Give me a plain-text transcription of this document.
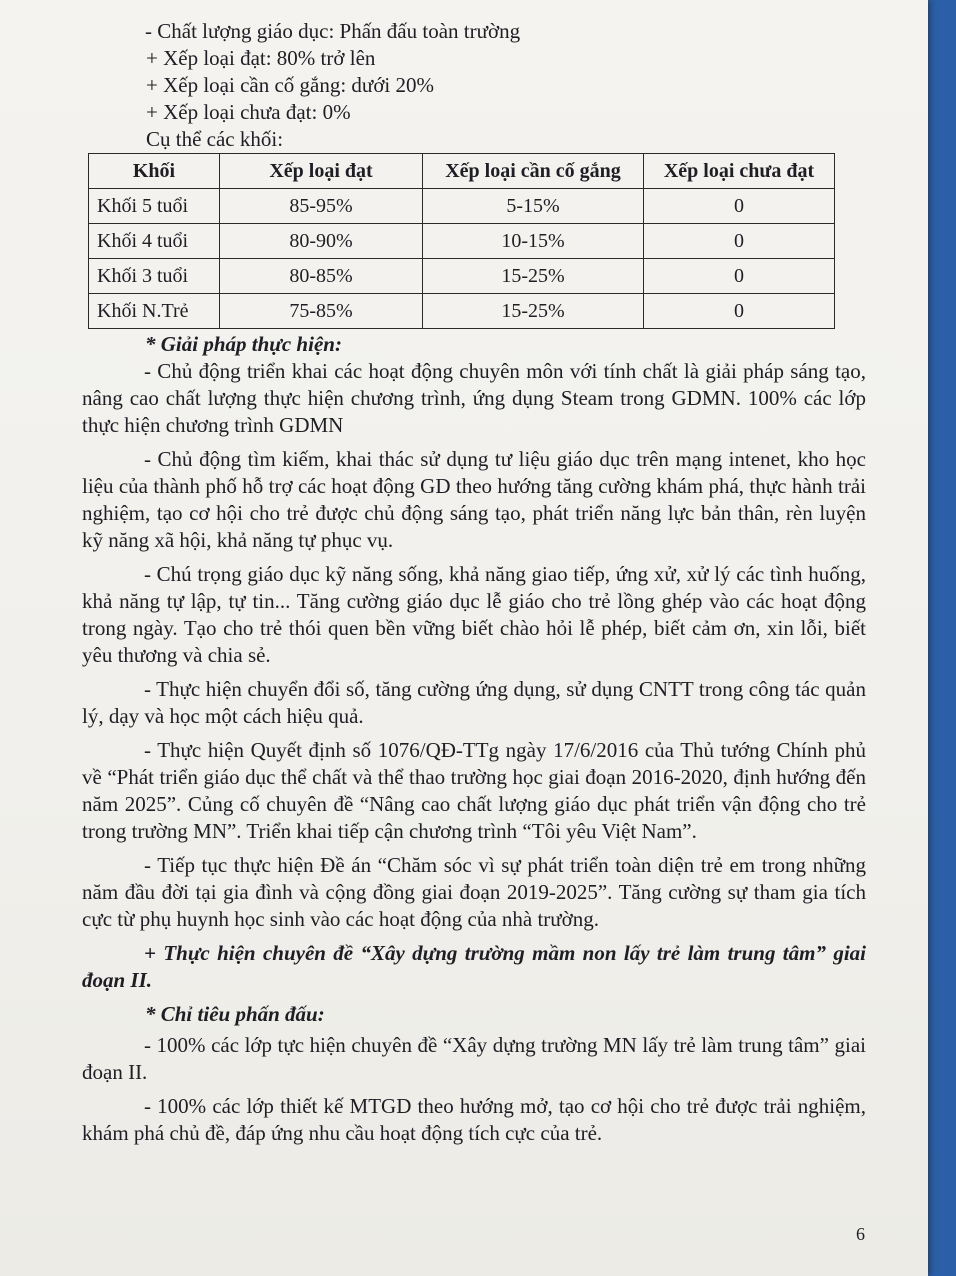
- Chất lượng giáo dục: Phấn đấu toàn trường
+ Xếp loại đạt: 80% trở lên
+ Xếp loại cần cố gắng: dưới 20%
+ Xếp loại chưa đạt: 0%
Cụ thể các khối:
Khối	Xếp loại đạt	Xếp loại cần cố gắng	Xếp loại chưa đạt
Khối 5 tuổi	85-95%	5-15%	0
Khối 4 tuổi	80-90%	10-15%	0
Khối 3 tuổi	80-85%	15-25%	0
Khối N.Trẻ	75-85%	15-25%	0
* Giải pháp thực hiện:

- Chủ động triển khai các hoạt động chuyên môn với tính chất là giải pháp sáng tạo, nâng cao chất lượng thực hiện chương trình, ứng dụng Steam trong GDMN. 100% các lớp thực hiện chương trình GDMN

- Chủ động tìm kiếm, khai thác sử dụng tư liệu giáo dục trên mạng intenet, kho học liệu của thành phố hỗ trợ các hoạt động GD theo hướng tăng cường khám phá, thực hành trải nghiệm, tạo cơ hội cho trẻ được chủ động sáng tạo, phát triển năng lực bản thân, rèn luyện kỹ năng xã hội, khả năng tự phục vụ.

- Chú trọng giáo dục kỹ năng sống, khả năng giao tiếp, ứng xử, xử lý các tình huống, khả năng tự lập, tự tin... Tăng cường giáo dục lễ giáo cho trẻ lồng ghép vào các hoạt động trong ngày. Tạo cho trẻ thói quen bền vững biết chào hỏi lễ phép, biết cảm ơn, xin lỗi, biết yêu thương và chia sẻ.

- Thực hiện chuyển đổi số, tăng cường ứng dụng, sử dụng CNTT trong công tác quản lý, dạy và học một cách hiệu quả.

- Thực hiện Quyết định số 1076/QĐ-TTg ngày 17/6/2016 của Thủ tướng Chính phủ về “Phát triển giáo dục thể chất và thể thao trường học giai đoạn 2016-2020, định hướng đến năm 2025”. Củng cố chuyên đề “Nâng cao chất lượng giáo dục phát triển vận động cho trẻ trong trường MN”. Triển khai tiếp cận chương trình “Tôi yêu Việt Nam”.

- Tiếp tục thực hiện Đề án “Chăm sóc vì sự phát triển toàn diện trẻ em trong những năm đầu đời tại gia đình và cộng đồng giai đoạn 2019-2025”. Tăng cường sự tham gia tích cực từ phụ huynh học sinh vào các hoạt động của nhà trường.

+ Thực hiện chuyên đề “Xây dựng trường mầm non lấy trẻ làm trung tâm” giai đoạn II.

* Chỉ tiêu phấn đấu:

- 100% các lớp tực hiện chuyên đề “Xây dựng trường MN lấy trẻ làm trung tâm” giai đoạn II.

- 100% các lớp thiết kế MTGD theo hướng mở, tạo cơ hội cho trẻ được trải nghiệm, khám phá chủ đề, đáp ứng nhu cầu hoạt động tích cực của trẻ.

6
